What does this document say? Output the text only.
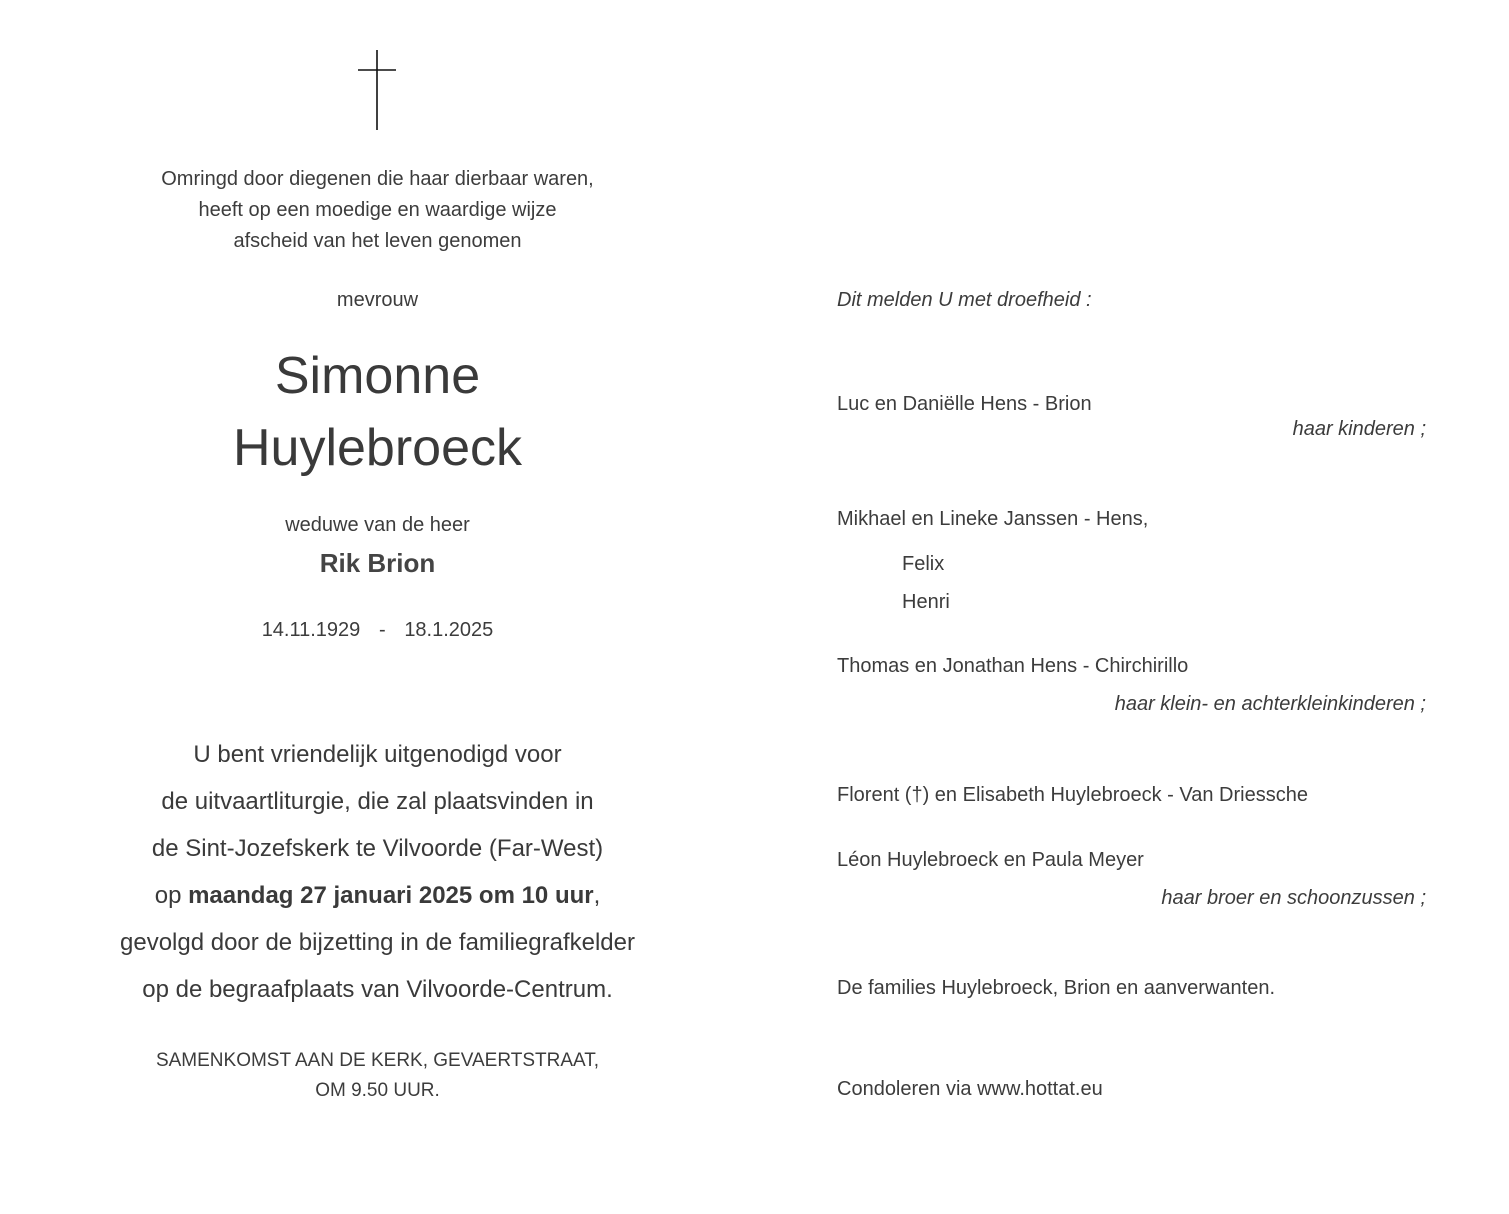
Omringd door diegenen die haar dierbaar waren,
heeft op een moedige en waardige wijze
afscheid van het leven genomen
mevrouw
Simonne
Huylebroeck
weduwe van de heer
Rik Brion
14.11.1929 - 18.1.2025
U bent vriendelijk uitgenodigd voor
de uitvaartliturgie, die zal plaatsvinden in
de Sint-Jozefskerk te Vilvoorde (Far-West)
op maandag 27 januari 2025 om 10 uur,
gevolgd door de bijzetting in de familiegrafkelder
op de begraafplaats van Vilvoorde-Centrum.
SAMENKOMST AAN DE KERK, GEVAERTSTRAAT,
OM 9.50 UUR.
Dit melden U met droefheid :
Luc en Daniëlle Hens - Brion
haar kinderen ;
Mikhael en Lineke Janssen - Hens,
Felix
Henri
Thomas en Jonathan Hens - Chirchirillo
haar klein- en achterkleinkinderen ;
Florent (†) en Elisabeth Huylebroeck - Van Driessche
Léon Huylebroeck en Paula Meyer
haar broer en schoonzussen ;
De families Huylebroeck, Brion en aanverwanten.
Condoleren via www.hottat.eu
